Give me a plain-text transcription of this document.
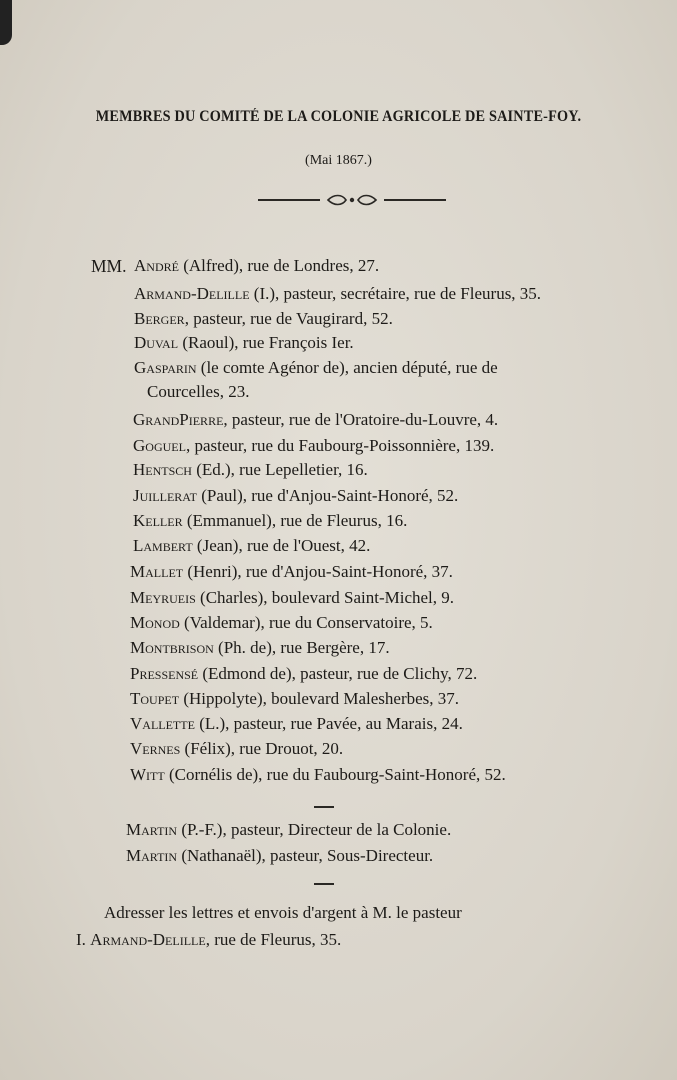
MEMBRES DU COMITÉ DE LA COLONIE AGRICOLE DE SAINTE-FOY.
(Mai 1867.)
MM. André (Alfred), rue de Londres, 27.
Armand-Delille (I.), pasteur, secrétaire, rue de Fleurus, 35.
Berger, pasteur, rue de Vaugirard, 52.
Duval (Raoul), rue François Ier.
Gasparin (le comte Agénor de), ancien député, rue de
Courcelles, 23.
GrandPierre, pasteur, rue de l'Oratoire-du-Louvre, 4.
Goguel, pasteur, rue du Faubourg-Poissonnière, 139.
Hentsch (Ed.), rue Lepelletier, 16.
Juillerat (Paul), rue d'Anjou-Saint-Honoré, 52.
Keller (Emmanuel), rue de Fleurus, 16.
Lambert (Jean), rue de l'Ouest, 42.
Mallet (Henri), rue d'Anjou-Saint-Honoré, 37.
Meyrueis (Charles), boulevard Saint-Michel, 9.
Monod (Valdemar), rue du Conservatoire, 5.
Montbrison (Ph. de), rue Bergère, 17.
Pressensé (Edmond de), pasteur, rue de Clichy, 72.
Toupet (Hippolyte), boulevard Malesherbes, 37.
Vallette (L.), pasteur, rue Pavée, au Marais, 24.
Vernes (Félix), rue Drouot, 20.
Witt (Cornélis de), rue du Faubourg-Saint-Honoré, 52.
Martin (P.-F.), pasteur, Directeur de la Colonie.
Martin (Nathanaël), pasteur, Sous-Directeur.
Adresser les lettres et envois d'argent à M. le pasteur
I. Armand-Delille, rue de Fleurus, 35.
